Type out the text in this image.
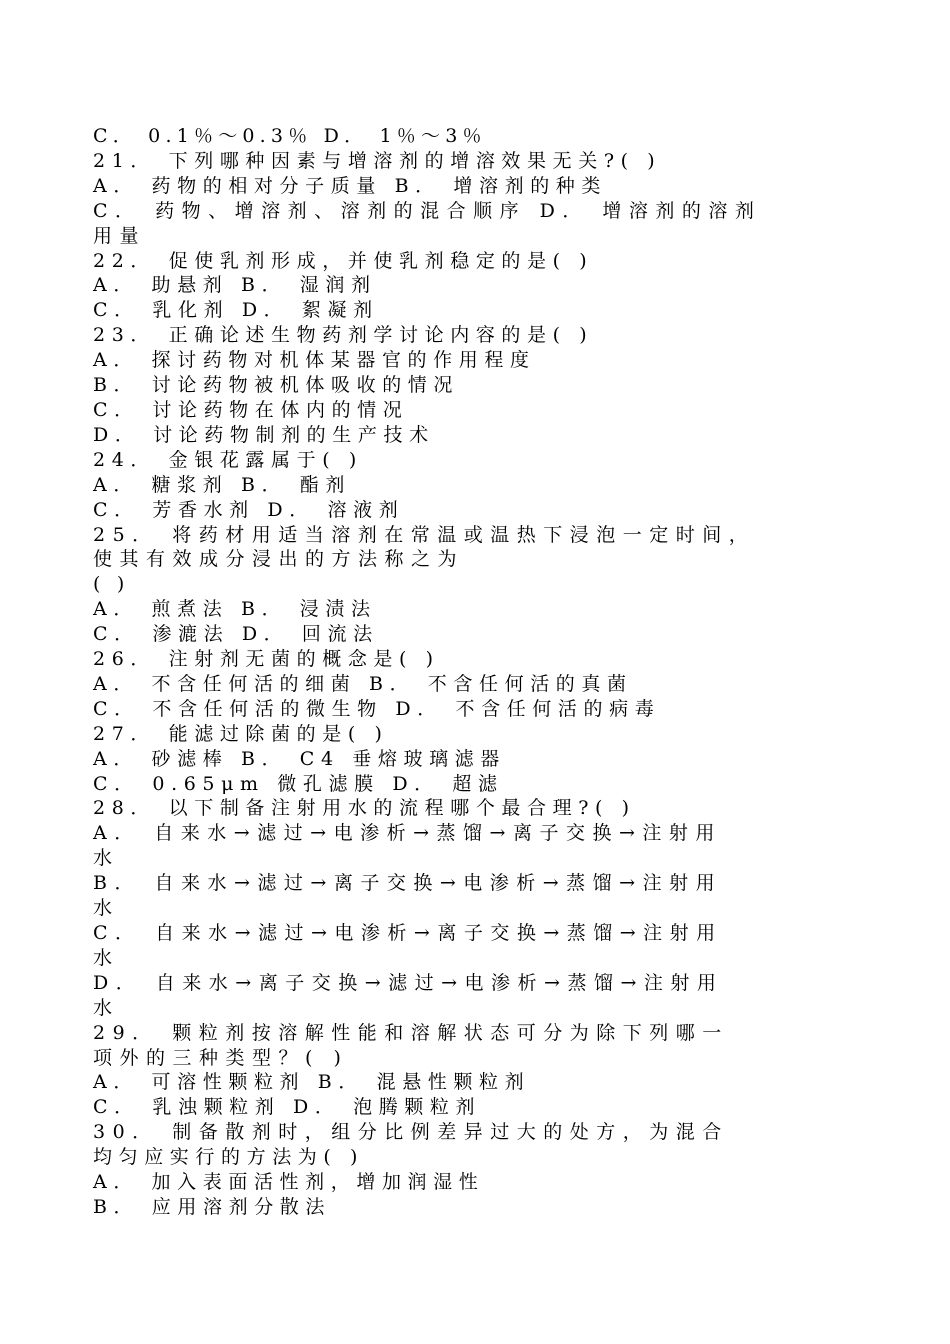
C． 0.1％～0.3％ D． 1％～3％
21． 下列哪种因素与增溶剂的增溶效果无关?( )
A． 药物的相对分子质量 B． 增溶剂的种类
C． 药物、增溶剂、溶剂的混合顺序 D． 增溶剂的溶剂
用量
22． 促使乳剂形成，并使乳剂稳定的是( )
A． 助悬剂 B． 湿润剂
C． 乳化剂 D． 絮凝剂
23． 正确论述生物药剂学讨论内容的是( )
A． 探讨药物对机体某器官的作用程度
B． 讨论药物被机体吸收的情况
C． 讨论药物在体内的情况
D． 讨论药物制剂的生产技术
24． 金银花露属于( )
A． 糖浆剂 B． 酯剂
C． 芳香水剂 D． 溶液剂
25． 将药材用适当溶剂在常温或温热下浸泡一定时间，
使其有效成分浸出的方法称之为
( )
A． 煎煮法 B． 浸渍法
C． 渗漉法 D． 回流法
26． 注射剂无菌的概念是( )
A． 不含任何活的细菌 B． 不含任何活的真菌
C． 不含任何活的微生物 D． 不含任何活的病毒
27． 能滤过除菌的是( )
A． 砂滤棒 B． C4 垂熔玻璃滤器
C． 0.65μm 微孔滤膜 D． 超滤
28． 以下制备注射用水的流程哪个最合理?( )
A． 自来水→滤过→电渗析→蒸馏→离子交换→注射用
水
B． 自来水→滤过→离子交换→电渗析→蒸馏→注射用
水
C． 自来水→滤过→电渗析→离子交换→蒸馏→注射用
水
D． 自来水→离子交换→滤过→电渗析→蒸馏→注射用
水
29． 颗粒剂按溶解性能和溶解状态可分为除下列哪一
项外的三种类型？( )
A． 可溶性颗粒剂 B． 混悬性颗粒剂
C． 乳浊颗粒剂 D． 泡腾颗粒剂
30． 制备散剂时，组分比例差异过大的处方，为混合
均匀应实行的方法为( )
A． 加入表面活性剂，增加润湿性
B． 应用溶剂分散法
